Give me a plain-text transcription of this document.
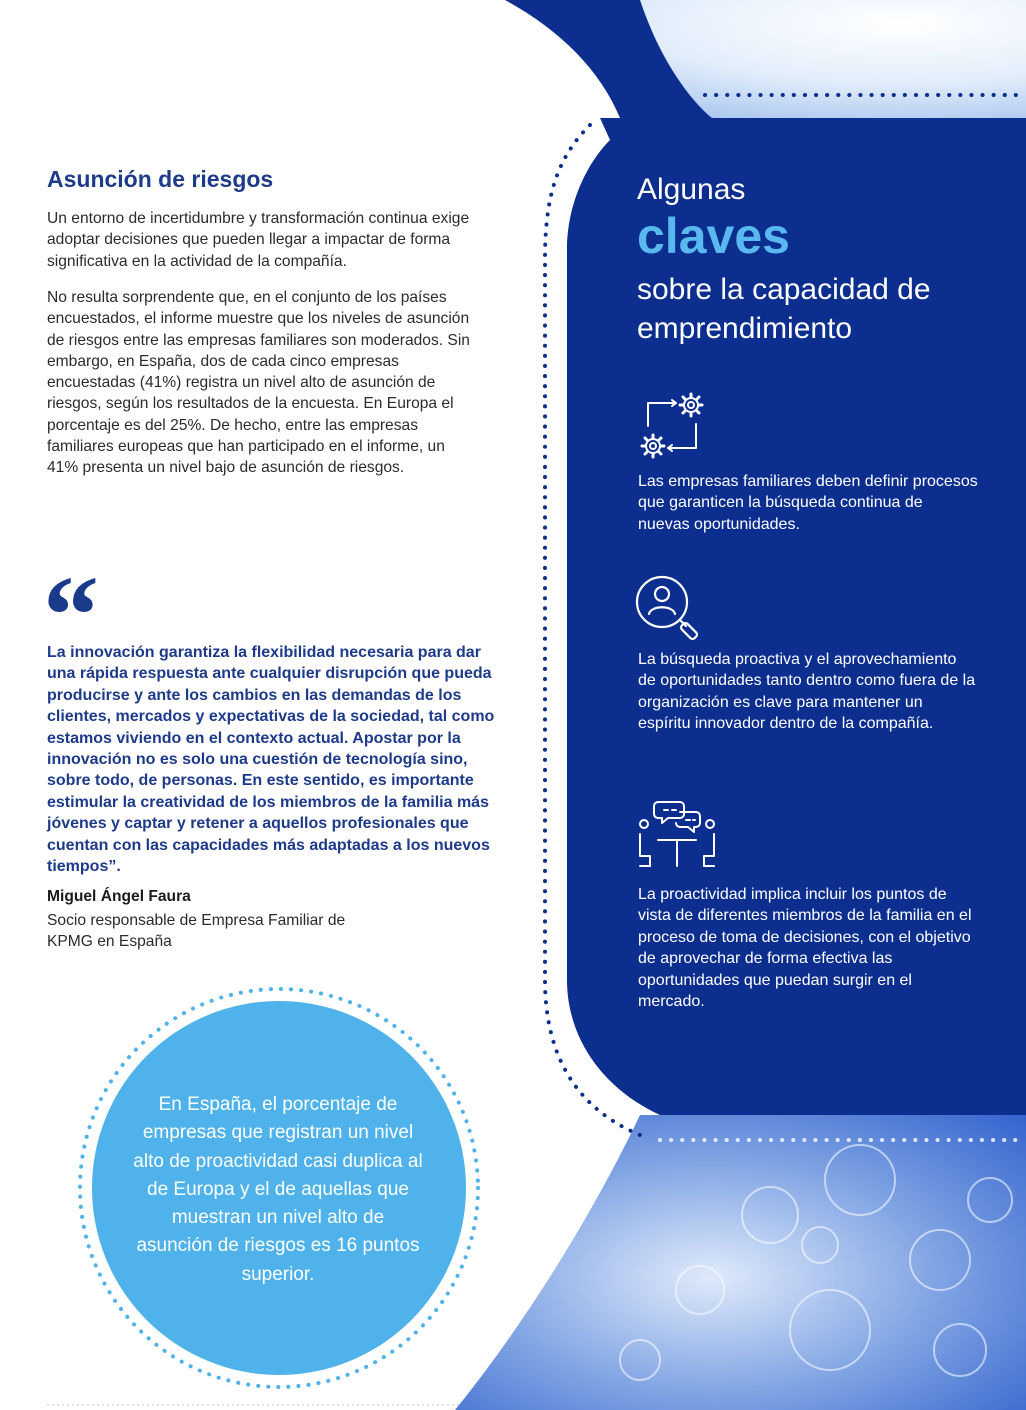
Asunción de riesgos

Un entorno de incertidumbre y transformación continua exige adoptar decisiones que pueden llegar a impactar de forma significativa en la actividad de la compañía.

No resulta sorprendente que, en el conjunto de los países encuestados, el informe muestre que los niveles de asunción de riesgos entre las empresas familiares son moderados. Sin embargo, en España, dos de cada cinco empresas encuestadas (41%) registra un nivel alto de asunción de riesgos, según los resultados de la encuesta. En Europa el porcentaje es del 25%. De hecho, entre las empresas familiares europeas que han participado en el informe, un 41% presenta un nivel bajo de asunción de riesgos.

“

La innovación garantiza la flexibilidad necesaria para dar una rápida respuesta ante cualquier disrupción que pueda producirse y ante los cambios en las demandas de los clientes, mercados y expectativas de la sociedad, tal como estamos viviendo en el contexto actual. Apostar por la innovación no es solo una cuestión de tecnología sino, sobre todo, de personas. En este sentido, es importante estimular la creatividad de los miembros de la familia más jóvenes y captar y retener a aquellos profesionales que cuentan con las capacidades más adaptadas a los nuevos tiempos”.

Miguel Ángel Faura

Socio responsable de Empresa Familiar de KPMG en España

En España, el porcentaje de empresas que registran un nivel alto de proactividad casi duplica al de Europa y el de aquellas que muestran un nivel alto de asunción de riesgos es 16 puntos superior.

Algunas

claves

sobre la capacidad de emprendimiento

Las empresas familiares deben definir procesos que garanticen la búsqueda continua de nuevas oportunidades.

La búsqueda proactiva y el aprovechamiento de oportunidades tanto dentro como fuera de la organización es clave para mantener un espíritu innovador dentro de la compañía.

La proactividad implica incluir los puntos de vista de diferentes miembros de la familia en el proceso de toma de decisiones, con el objetivo de aprovechar de forma efectiva las oportunidades que puedan surgir en el mercado.
